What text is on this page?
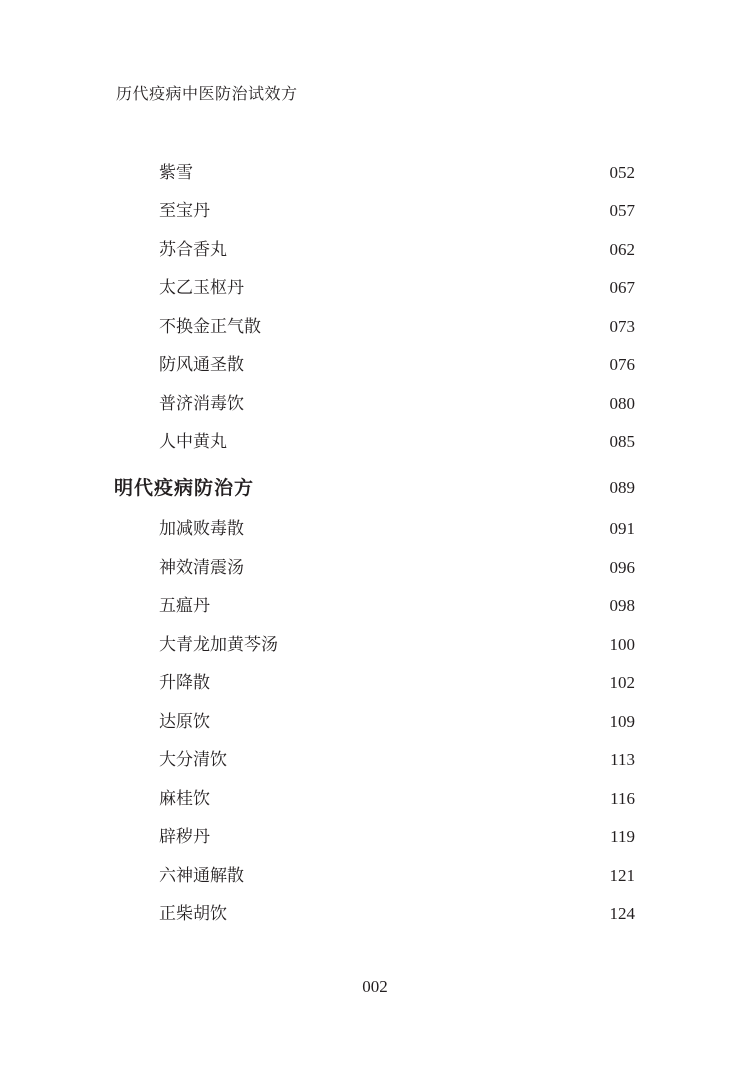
历代疫病中医防治试效方
紫雪	052
至宝丹	057
苏合香丸	062
太乙玉枢丹	067
不换金正气散	073
防风通圣散	076
普济消毒饮	080
人中黄丸	085
明代疫病防治方	089
加减败毒散	091
神效清震汤	096
五瘟丹	098
大青龙加黄芩汤	100
升降散	102
达原饮	109
大分清饮	113
麻桂饮	116
辟秽丹	119
六神通解散	121
正柴胡饮	124
002
